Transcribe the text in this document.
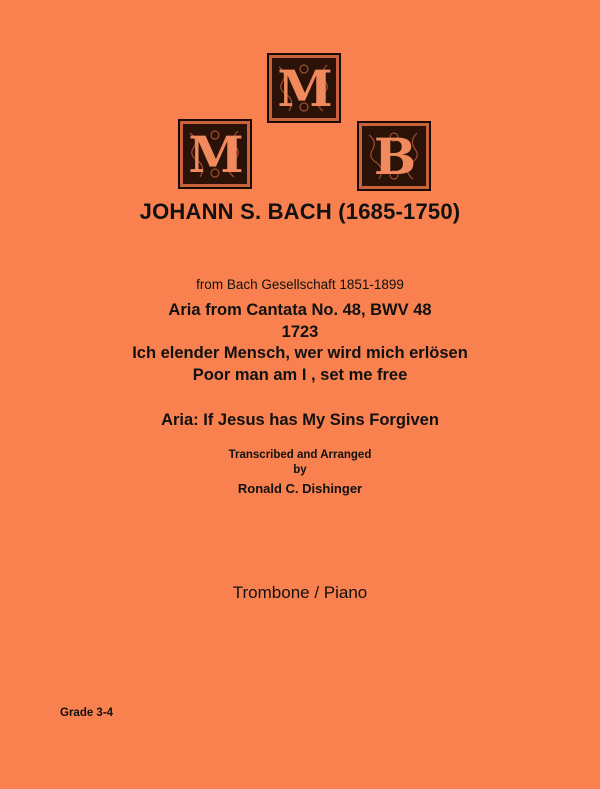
M
M	B
JOHANN S. BACH (1685-1750)
from Bach Gesellschaft 1851-1899
Aria from Cantata No. 48, BWV 48
1723
Ich elender Mensch, wer wird mich erlösen
Poor man am I , set me free
Aria: If Jesus has My Sins Forgiven
Transcribed and Arranged
by
Ronald C. Dishinger
Trombone / Piano
Grade 3-4
